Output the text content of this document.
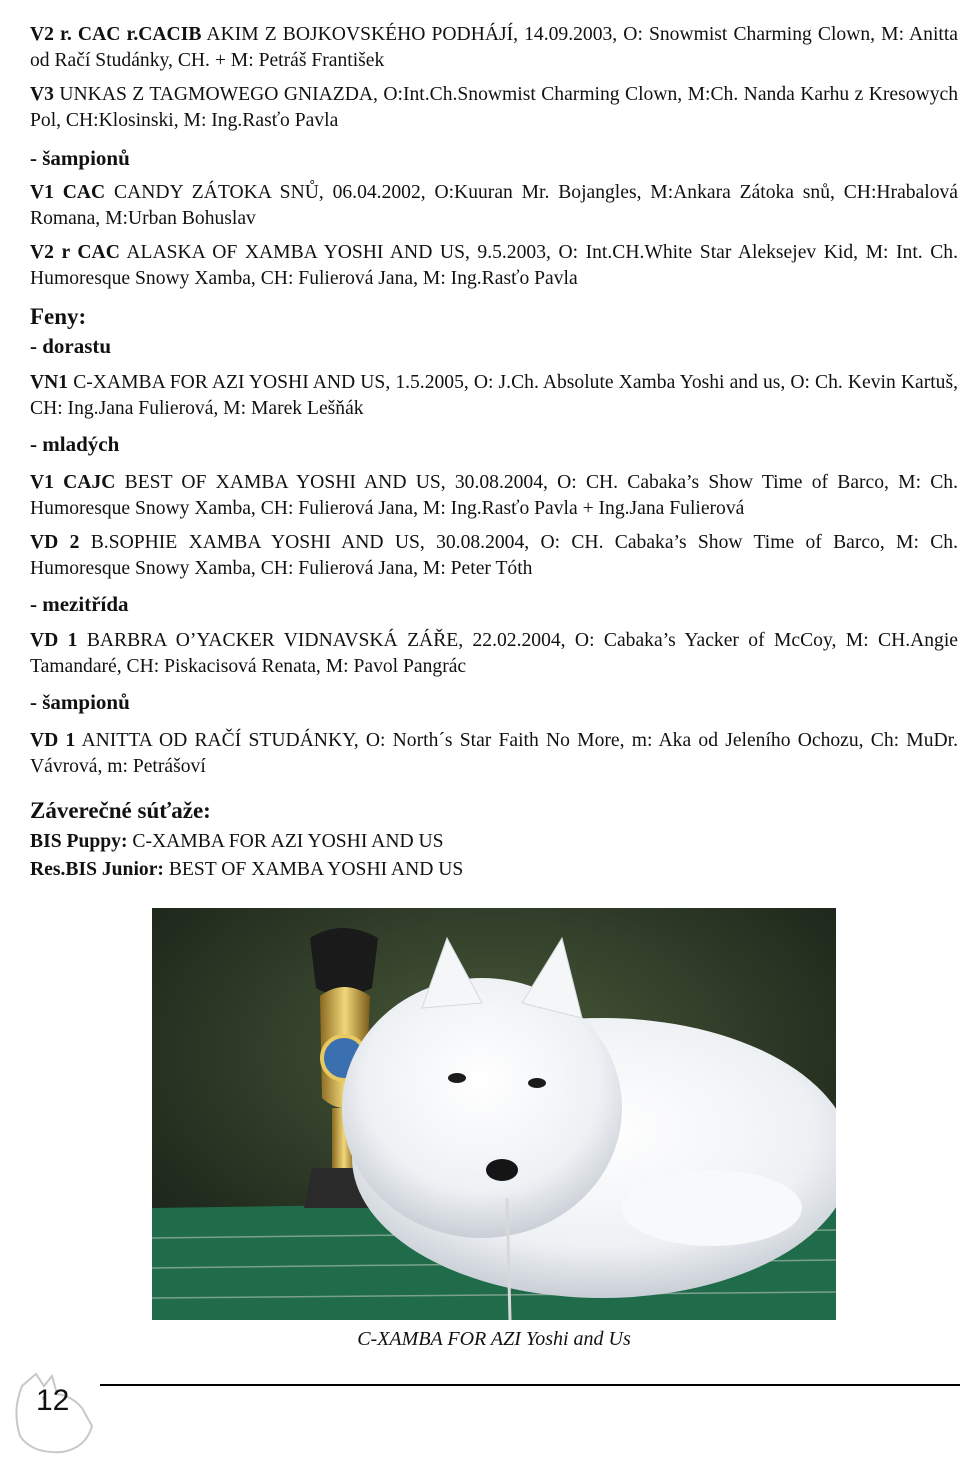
V2 r. CAC r.CACIB AKIM Z BOJKOVSKÉHO PODHÁJÍ, 14.09.2003, O: Snowmist Charming Clown, M: Anitta od Račí Studánky, CH. + M: Petráš František

V3 UNKAS Z TAGMOWEGO GNIAZDA, O:Int.Ch.Snowmist Charming Clown, M:Ch. Nanda Karhu z Kresowych Pol, CH:Klosinski, M: Ing.Rasťo Pavla

- šampionů

V1 CAC CANDY ZÁTOKA SNŮ, 06.04.2002, O:Kuuran Mr. Bojangles, M:Ankara Zátoka snů, CH:Hrabalová Romana, M:Urban Bohuslav

V2 r CAC ALASKA OF XAMBA YOSHI AND US, 9.5.2003, O: Int.CH.White Star Aleksejev Kid, M: Int. Ch. Humoresque Snowy Xamba, CH: Fulierová Jana, M: Ing.Rasťo Pavla

Feny:
- dorastu

VN1 C-XAMBA FOR AZI YOSHI AND US, 1.5.2005, O: J.Ch. Absolute Xamba Yoshi and us, O: Ch. Kevin Kartuš, CH: Ing.Jana Fulierová, M: Marek Lešňák

- mladých

V1 CAJC BEST OF XAMBA YOSHI AND US, 30.08.2004, O: CH. Cabaka’s Show Time of Barco, M: Ch. Humoresque Snowy Xamba, CH: Fulierová Jana, M: Ing.Rasťo Pavla + Ing.Jana Fulierová

VD 2 B.SOPHIE XAMBA YOSHI AND US, 30.08.2004, O: CH. Cabaka’s Show Time of Barco, M: Ch. Humoresque Snowy Xamba, CH: Fulierová Jana, M: Peter Tóth

- mezitřída

VD 1 BARBRA O’YACKER VIDNAVSKÁ ZÁŘE, 22.02.2004, O: Cabaka’s Yacker of McCoy, M: CH.Angie Tamandaré, CH: Piskacisová Renata, M: Pavol Pangrác

- šampionů

VD 1 ANITTA OD RAČÍ STUDÁNKY, O: North´s Star Faith No More, m: Aka od Jeleního Ochozu, Ch: MuDr. Vávrová, m: Petrášoví

Záverečné súťaže:
BIS Puppy: C-XAMBA FOR AZI YOSHI AND US
Res.BIS Junior: BEST OF XAMBA YOSHI AND US
C-XAMBA FOR AZI Yoshi and Us
12
